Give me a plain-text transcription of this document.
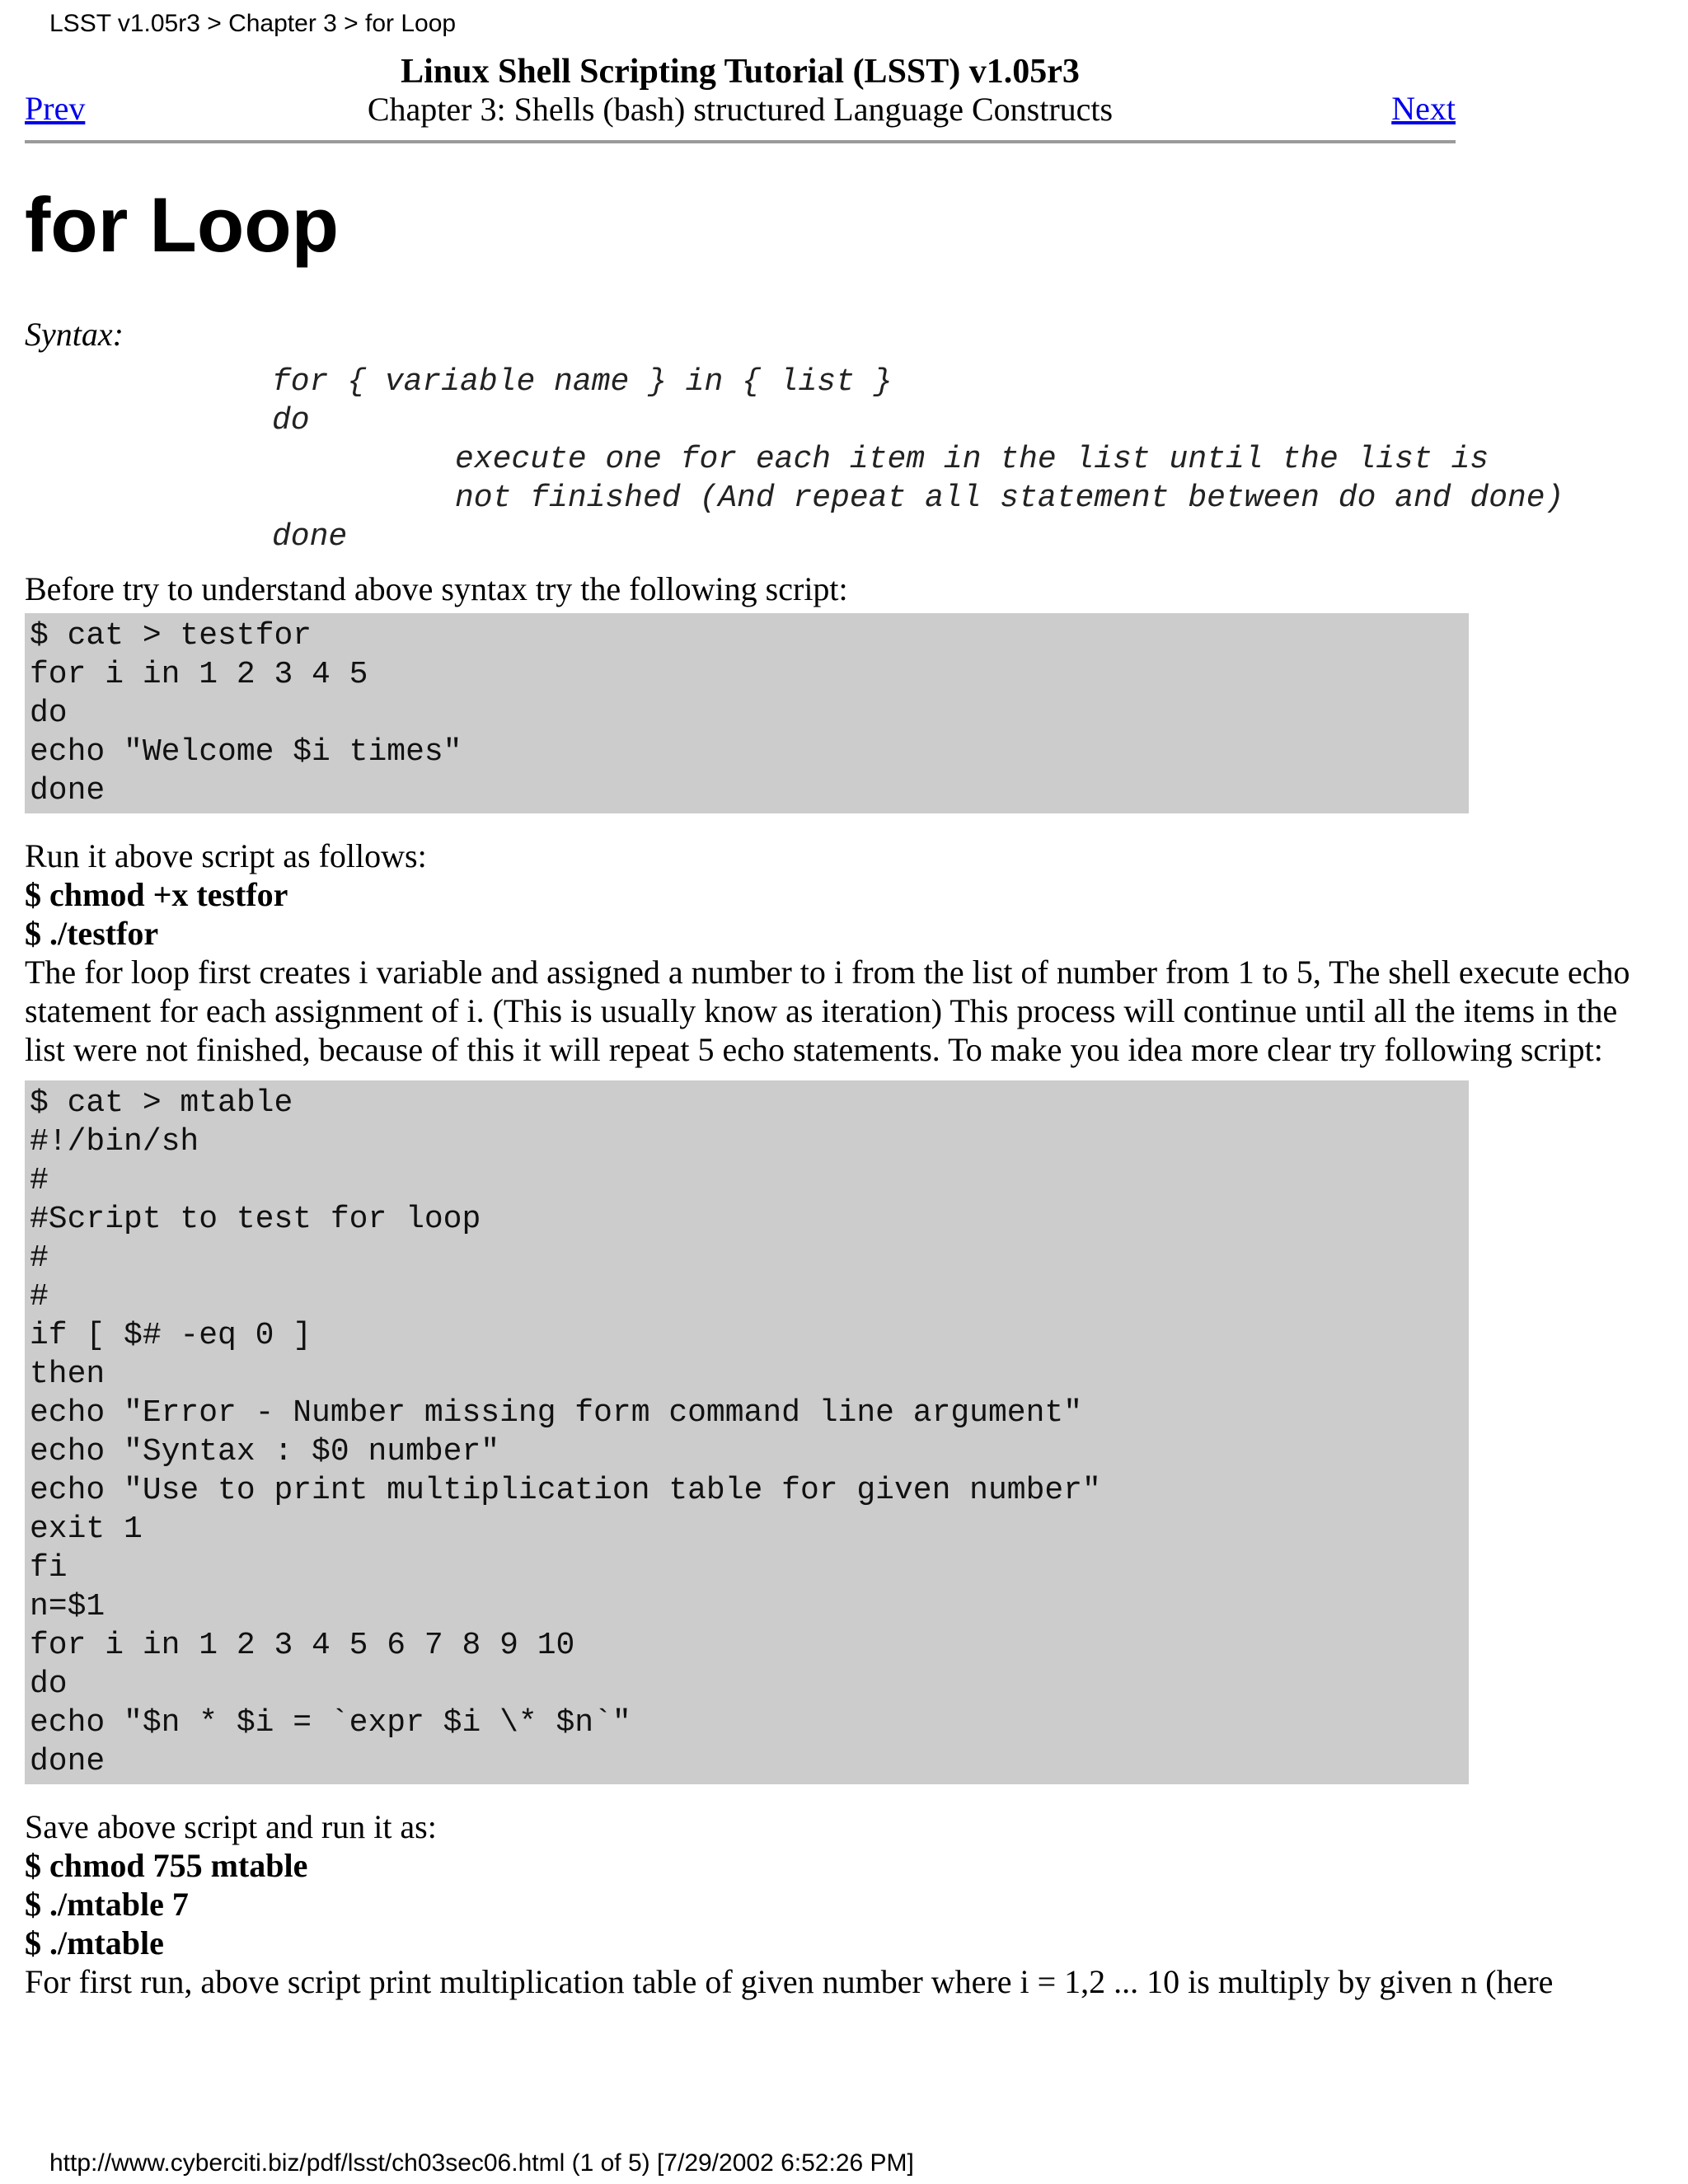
LSST v1.05r3 > Chapter 3 > for Loop
Prev
Linux Shell Scripting Tutorial (LSST) v1.05r3
Chapter 3: Shells (bash) structured Language Constructs	Next
for Loop
Syntax:
for { variable name } in { list }
do
execute one for each item in the list until the list is
not finished (And repeat all statement between do and done)
done

Before try to understand above syntax try the following script:

$ cat > testfor
for i in 1 2 3 4 5
do
echo "Welcome $i times"
done

Run it above script as follows:

$ chmod +x testfor
$ ./testfor

The for loop first creates i variable and assigned a number to i from the list of number from 1 to 5, The shell execute echo statement for each assignment of i. (This is usually know as iteration) This process will continue until all the items in the list were not finished, because of this it will repeat 5 echo statements. To make you idea more clear try following script:

$ cat > mtable
#!/bin/sh
#
#Script to test for loop
#
#
if [ $# -eq 0 ]
then
echo "Error - Number missing form command line argument"
echo "Syntax : $0 number"
echo "Use to print multiplication table for given number"
exit 1
fi
n=$1
for i in 1 2 3 4 5 6 7 8 9 10
do
echo "$n * $i = `expr $i \* $n`"
done

Save above script and run it as:

$ chmod 755 mtable
$ ./mtable 7
$ ./mtable

For first run, above script print multiplication table of given number where i = 1,2 ... 10 is multiply by given n (here

http://www.cyberciti.biz/pdf/lsst/ch03sec06.html (1 of 5) [7/29/2002 6:52:26 PM]
